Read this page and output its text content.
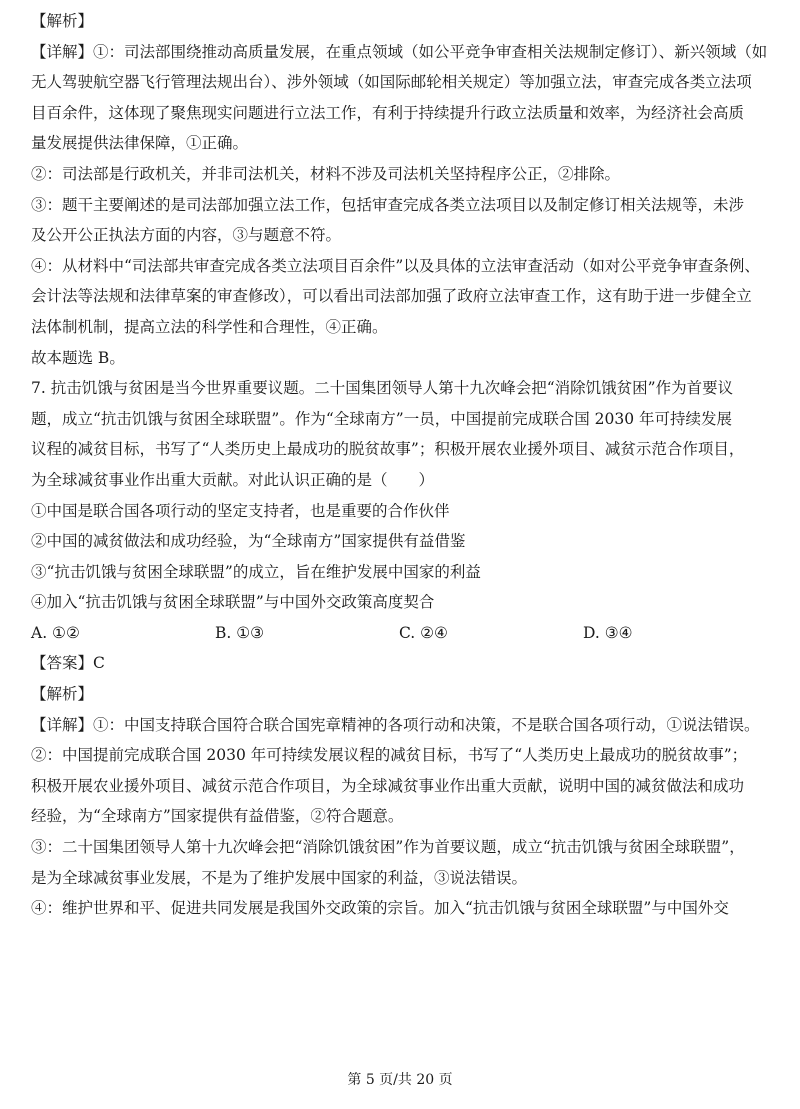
【解析】
【详解】①：司法部围绕推动高质量发展，在重点领域（如公平竞争审查相关法规制定修订）、新兴领域（如
无人驾驶航空器飞行管理法规出台）、涉外领域（如国际邮轮相关规定）等加强立法，审查完成各类立法项
目百余件，这体现了聚焦现实问题进行立法工作，有利于持续提升行政立法质量和效率，为经济社会高质
量发展提供法律保障，①正确。
②：司法部是行政机关，并非司法机关，材料不涉及司法机关坚持程序公正，②排除。
③：题干主要阐述的是司法部加强立法工作，包括审查完成各类立法项目以及制定修订相关法规等，未涉
及公开公正执法方面的内容，③与题意不符。
④：从材料中“司法部共审查完成各类立法项目百余件”以及具体的立法审查活动（如对公平竞争审查条例、
会计法等法规和法律草案的审查修改），可以看出司法部加强了政府立法审查工作，这有助于进一步健全立
法体制机制，提高立法的科学性和合理性，④正确。
故本题选 B。
7. 抗击饥饿与贫困是当今世界重要议题。二十国集团领导人第十九次峰会把“消除饥饿贫困”作为首要议
题，成立“抗击饥饿与贫困全球联盟”。作为“全球南方”一员，中国提前完成联合国 2030 年可持续发展
议程的减贫目标，书写了“人类历史上最成功的脱贫故事”；积极开展农业援外项目、减贫示范合作项目，
为全球减贫事业作出重大贡献。对此认识正确的是（　　）
①中国是联合国各项行动的坚定支持者，也是重要的合作伙伴
②中国的减贫做法和成功经验，为“全球南方”国家提供有益借鉴
③“抗击饥饿与贫困全球联盟”的成立，旨在维护发展中国家的利益
④加入“抗击饥饿与贫困全球联盟”与中国外交政策高度契合
A. ①②	B. ①③	C. ②④	D. ③④
【答案】C
【解析】
【详解】①：中国支持联合国符合联合国宪章精神的各项行动和决策，不是联合国各项行动，①说法错误。
②：中国提前完成联合国 2030 年可持续发展议程的减贫目标，书写了“人类历史上最成功的脱贫故事”；
积极开展农业援外项目、减贫示范合作项目，为全球减贫事业作出重大贡献，说明中国的减贫做法和成功
经验，为“全球南方”国家提供有益借鉴，②符合题意。
③：二十国集团领导人第十九次峰会把“消除饥饿贫困”作为首要议题，成立“抗击饥饿与贫困全球联盟”，
是为全球减贫事业发展，不是为了维护发展中国家的利益，③说法错误。
④：维护世界和平、促进共同发展是我国外交政策的宗旨。加入“抗击饥饿与贫困全球联盟”与中国外交
第 5 页/共 20 页
